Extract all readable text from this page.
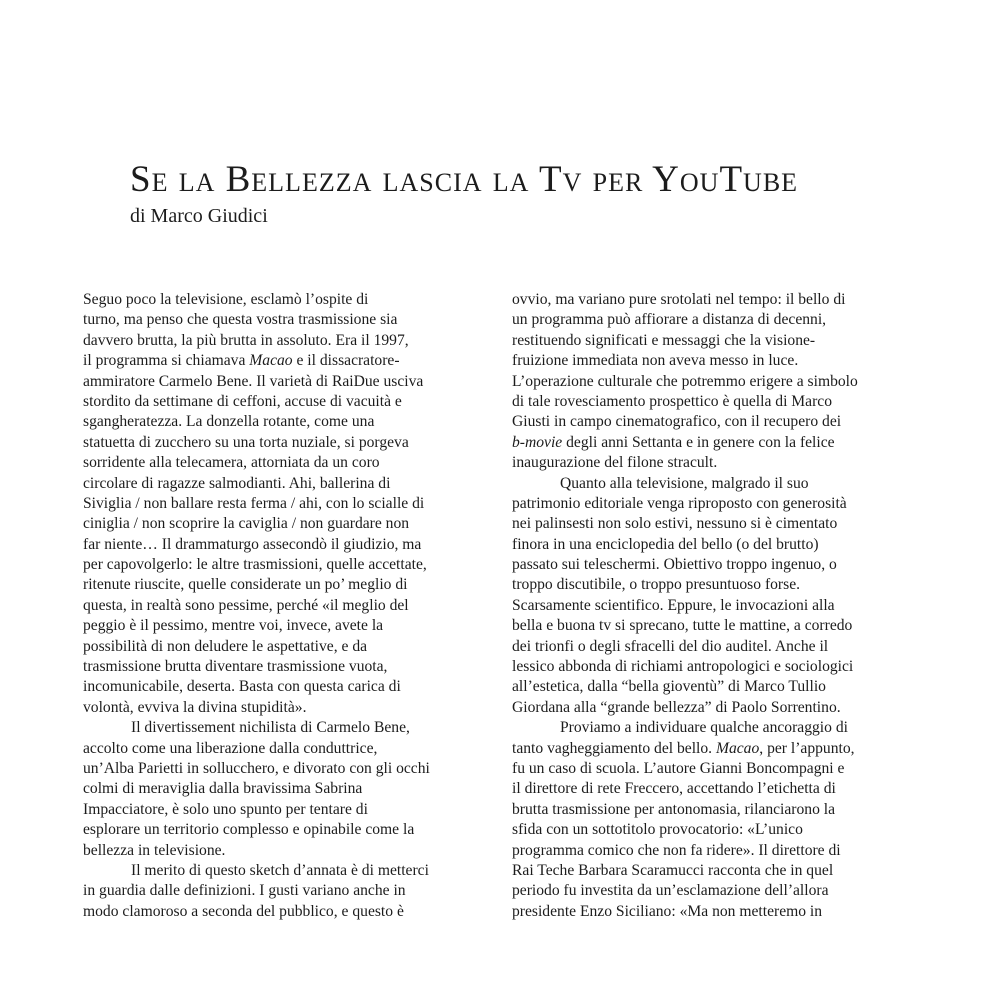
Se la Bellezza lascia la Tv per YouTube

di Marco Giudici

Seguo poco la televisione, esclamò l’ospite di
turno, ma penso che questa vostra trasmissione sia
davvero brutta, la più brutta in assoluto. Era il 1997,
il programma si chiamava Macao e il dissacratore-
ammiratore Carmelo Bene. Il varietà di RaiDue usciva
stordito da settimane di ceffoni, accuse di vacuità e
sgangheratezza. La donzella rotante, come una
statuetta di zucchero su una torta nuziale, si porgeva
sorridente alla telecamera, attorniata da un coro
circolare di ragazze salmodianti. Ahi, ballerina di
Siviglia / non ballare resta ferma / ahi, con lo scialle di
ciniglia / non scoprire la caviglia / non guardare non
far niente… Il drammaturgo assecondò il giudizio, ma
per capovolgerlo: le altre trasmissioni, quelle accettate,
ritenute riuscite, quelle considerate un po’ meglio di
questa, in realtà sono pessime, perché «il meglio del
peggio è il pessimo, mentre voi, invece, avete la
possibilità di non deludere le aspettative, e da
trasmissione brutta diventare trasmissione vuota,
incomunicabile, deserta. Basta con questa carica di
volontà, evviva la divina stupidità».
Il divertissement nichilista di Carmelo Bene,
accolto come una liberazione dalla conduttrice,
un’Alba Parietti in sollucchero, e divorato con gli occhi
colmi di meraviglia dalla bravissima Sabrina
Impacciatore, è solo uno spunto per tentare di
esplorare un territorio complesso e opinabile come la
bellezza in televisione.
Il merito di questo sketch d’annata è di metterci
in guardia dalle definizioni. I gusti variano anche in
modo clamoroso a seconda del pubblico, e questo è
ovvio, ma variano pure srotolati nel tempo: il bello di
un programma può affiorare a distanza di decenni,
restituendo significati e messaggi che la visione-
fruizione immediata non aveva messo in luce.
L’operazione culturale che potremmo erigere a simbolo
di tale rovesciamento prospettico è quella di Marco
Giusti in campo cinematografico, con il recupero dei
b-movie degli anni Settanta e in genere con la felice
inaugurazione del filone stracult.
Quanto alla televisione, malgrado il suo
patrimonio editoriale venga riproposto con generosità
nei palinsesti non solo estivi, nessuno si è cimentato
finora in una enciclopedia del bello (o del brutto)
passato sui teleschermi. Obiettivo troppo ingenuo, o
troppo discutibile, o troppo presuntuoso forse.
Scarsamente scientifico. Eppure, le invocazioni alla
bella e buona tv si sprecano, tutte le mattine, a corredo
dei trionfi o degli sfracelli del dio auditel. Anche il
lessico abbonda di richiami antropologici e sociologici
all’estetica, dalla “bella gioventù” di Marco Tullio
Giordana alla “grande bellezza” di Paolo Sorrentino.
Proviamo a individuare qualche ancoraggio di
tanto vagheggiamento del bello. Macao, per l’appunto,
fu un caso di scuola. L’autore Gianni Boncompagni e
il direttore di rete Freccero, accettando l’etichetta di
brutta trasmissione per antonomasia, rilanciarono la
sfida con un sottotitolo provocatorio: «L’unico
programma comico che non fa ridere». Il direttore di
Rai Teche Barbara Scaramucci racconta che in quel
periodo fu investita da un’esclamazione dell’allora
presidente Enzo Siciliano: «Ma non metteremo in
